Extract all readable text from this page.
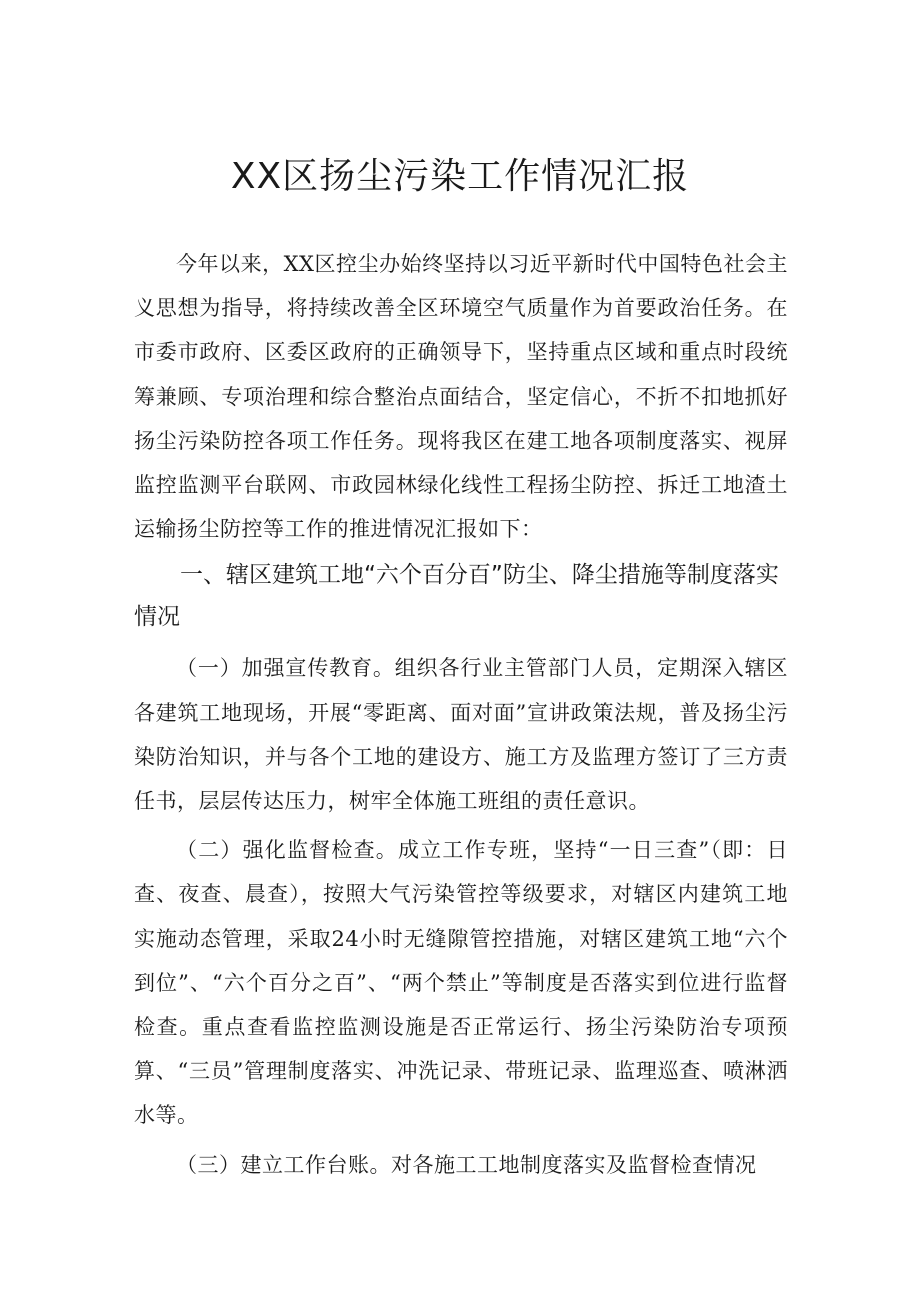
XX区扬尘污染工作情况汇报

今年以来，XX区控尘办始终坚持以习近平新时代中国特色社会主义思想为指导，将持续改善全区环境空气质量作为首要政治任务。在市委市政府、区委区政府的正确领导下，坚持重点区域和重点时段统筹兼顾、专项治理和综合整治点面结合，坚定信心，不折不扣地抓好扬尘污染防控各项工作任务。现将我区在建工地各项制度落实、视屏监控监测平台联网、市政园林绿化线性工程扬尘防控、拆迁工地渣土运输扬尘防控等工作的推进情况汇报如下：

一、辖区建筑工地“六个百分百”防尘、降尘措施等制度落实情况

（一）加强宣传教育。组织各行业主管部门人员，定期深入辖区各建筑工地现场，开展“零距离、面对面”宣讲政策法规，普及扬尘污染防治知识，并与各个工地的建设方、施工方及监理方签订了三方责任书，层层传达压力，树牢全体施工班组的责任意识。

（二）强化监督检查。成立工作专班，坚持“一日三查”（即：日查、夜查、晨查），按照大气污染管控等级要求，对辖区内建筑工地实施动态管理，采取24小时无缝隙管控措施，对辖区建筑工地“六个到位”、“六个百分之百”、“两个禁止”等制度是否落实到位进行监督检查。重点查看监控监测设施是否正常运行、扬尘污染防治专项预算、“三员”管理制度落实、冲洗记录、带班记录、监理巡查、喷淋洒水等。

（三）建立工作台账。对各施工工地制度落实及监督检查情况
